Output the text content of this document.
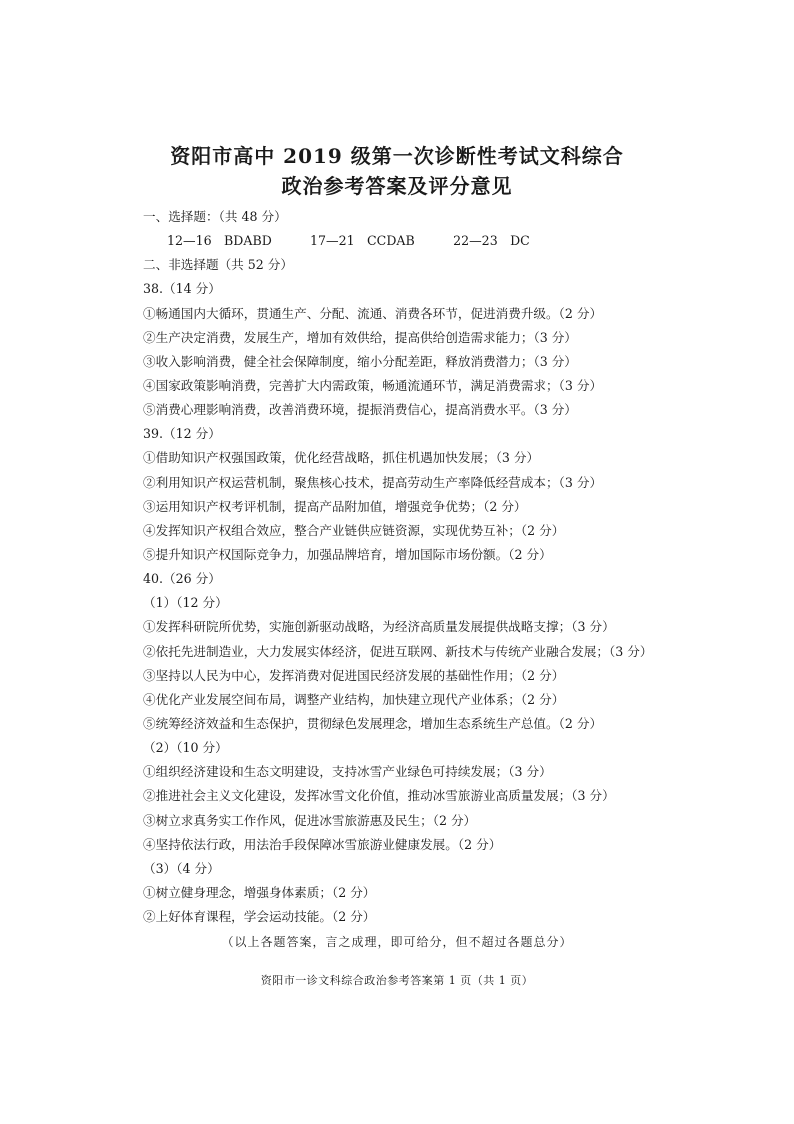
资阳市高中 2019 级第一次诊断性考试文科综合
政治参考答案及评分意见
一、选择题：（共 48 分）
12—16 BDABD	17—21 CCDAB	22—23 DC
二、非选择题（共 52 分）
38.（14 分）
①畅通国内大循环，贯通生产、分配、流通、消费各环节，促进消费升级。（2 分）
②生产决定消费，发展生产，增加有效供给，提高供给创造需求能力；（3 分）
③收入影响消费，健全社会保障制度，缩小分配差距，释放消费潜力；（3 分）
④国家政策影响消费，完善扩大内需政策，畅通流通环节，满足消费需求；（3 分）
⑤消费心理影响消费，改善消费环境，提振消费信心，提高消费水平。（3 分）
39.（12 分）
①借助知识产权强国政策，优化经营战略，抓住机遇加快发展；（3 分）
②利用知识产权运营机制，聚焦核心技术，提高劳动生产率降低经营成本；（3 分）
③运用知识产权考评机制，提高产品附加值，增强竞争优势；（2 分）
④发挥知识产权组合效应，整合产业链供应链资源，实现优势互补；（2 分）
⑤提升知识产权国际竞争力，加强品牌培育，增加国际市场份额。（2 分）
40.（26 分）
（1）（12 分）
①发挥科研院所优势，实施创新驱动战略，为经济高质量发展提供战略支撑；（3 分）
②依托先进制造业，大力发展实体经济，促进互联网、新技术与传统产业融合发展；（3 分）
③坚持以人民为中心，发挥消费对促进国民经济发展的基础性作用；（2 分）
④优化产业发展空间布局，调整产业结构，加快建立现代产业体系；（2 分）
⑤统筹经济效益和生态保护，贯彻绿色发展理念，增加生态系统生产总值。（2 分）
（2）（10 分）
①组织经济建设和生态文明建设，支持冰雪产业绿色可持续发展；（3 分）
②推进社会主义文化建设，发挥冰雪文化价值，推动冰雪旅游业高质量发展；（3 分）
③树立求真务实工作作风，促进冰雪旅游惠及民生；（2 分）
④坚持依法行政，用法治手段保障冰雪旅游业健康发展。（2 分）
（3）（4 分）
①树立健身理念，增强身体素质；（2 分）
②上好体育课程，学会运动技能。（2 分）
（以上各题答案，言之成理，即可给分，但不超过各题总分）
资阳市一诊文科综合政治参考答案第 1 页（共 1 页）
